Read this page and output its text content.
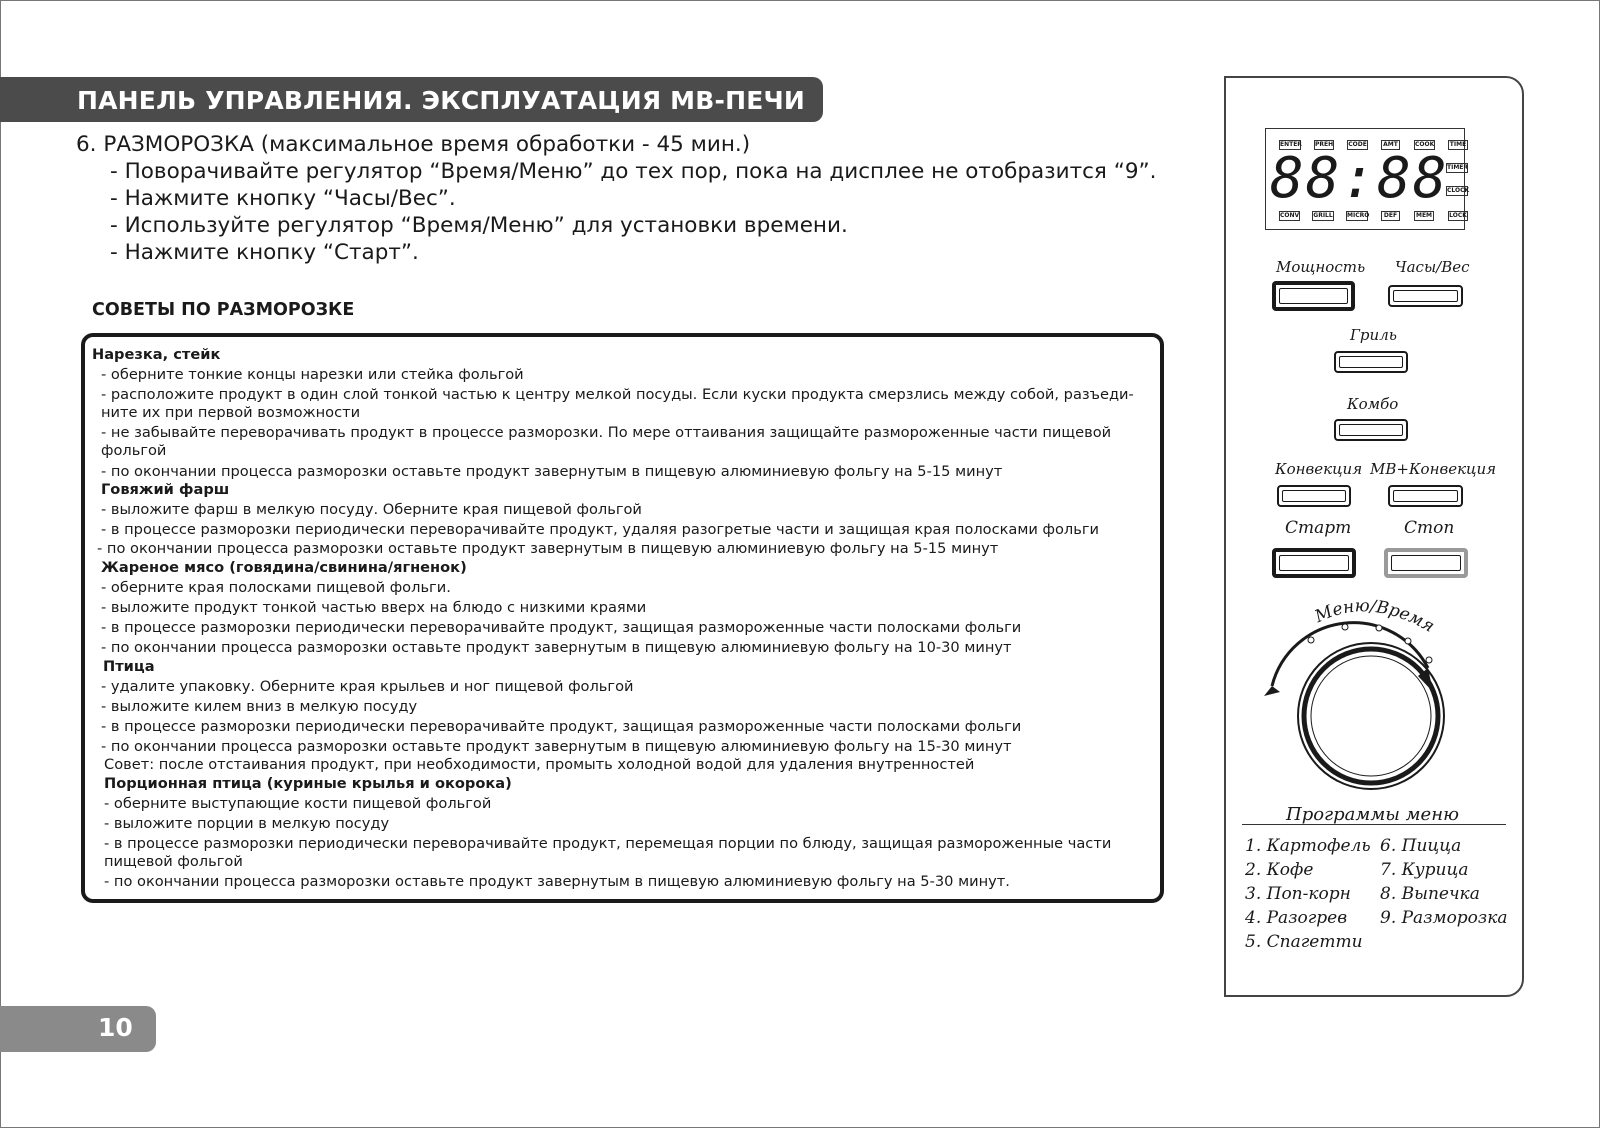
ПАНЕЛЬ УПРАВЛЕНИЯ. ЭКСПЛУАТАЦИЯ МВ-ПЕЧИ
6. РАЗМОРОЗКА (максимальное время обработки - 45 мин.)
- Поворачивайте регулятор “Время/Меню” до тех пор, пока на дисплее не отобразится “9”.
- Нажмите кнопку “Часы/Вес”.
- Используйте регулятор “Время/Меню” для установки времени.
- Нажмите кнопку “Старт”.
СОВЕТЫ ПО РАЗМОРОЗКЕ
Нарезка, стейк
- оберните тонкие концы нарезки или стейка фольгой
- расположите продукт в один слой тонкой частью к центру мелкой посуды. Если куски продукта смерзлись между собой, разъеди-
ните их при первой возможности
- не забывайте переворачивать продукт в процессе разморозки. По мере оттаивания защищайте размороженные части пищевой
фольгой
- по окончании процесса разморозки оставьте продукт завернутым в пищевую алюминиевую фольгу на 5-15 минут
Говяжий фарш
- выложите фарш в мелкую посуду. Оберните края пищевой фольгой
- в процессе разморозки периодически переворачивайте продукт, удаляя разогретые части и защищая края полосками фольги
- по окончании процесса разморозки оставьте продукт завернутым в пищевую алюминиевую фольгу на 5-15 минут
Жареное мясо (говядина/свинина/ягненок)
- оберните края полосками пищевой фольги.
- выложите продукт тонкой частью вверх на блюдо с низкими краями
- в процессе разморозки периодически переворачивайте продукт, защищая размороженные части полосками фольги
- по окончании процесса разморозки оставьте продукт завернутым в пищевую алюминиевую фольгу на 10-30 минут
Птица
- удалите упаковку. Оберните края крыльев и ног пищевой фольгой
- выложите килем вниз в мелкую посуду
- в процессе разморозки периодически переворачивайте продукт, защищая размороженные части полосками фольги
- по окончании процесса разморозки оставьте продукт завернутым в пищевую алюминиевую фольгу на 15-30 минут
Совет: после отстаивания продукт, при необходимости, промыть холодной водой для удаления внутренностей
Порционная птица (куриные крылья и окорока)
- оберните выступающие кости пищевой фольгой
- выложите порции в мелкую посуду
- в процессе разморозки периодически переворачивайте продукт, перемещая порции по блюду, защищая размороженные части
пищевой фольгой
- по окончании процесса разморозки оставьте продукт завернутым в пищевую алюминиевую фольгу на 5-30 минут.
10
ENTER PREH	CODE	AMT	COOK	TIME
TIMER
CLOCK
CONV GRILL MICRO	DEF	MEM	LOCK
88:88
Мощность Часы/Вес
Гриль
Комбо
Конвекция МВ+Конвекция
Старт	Стоп
Меню/Время
Программы меню
1. Картофель
2. Кофе
3. Поп-корн
4. Разогрев
5. Спагетти
6. Пицца
7. Курица
8. Выпечка
9. Разморозка
